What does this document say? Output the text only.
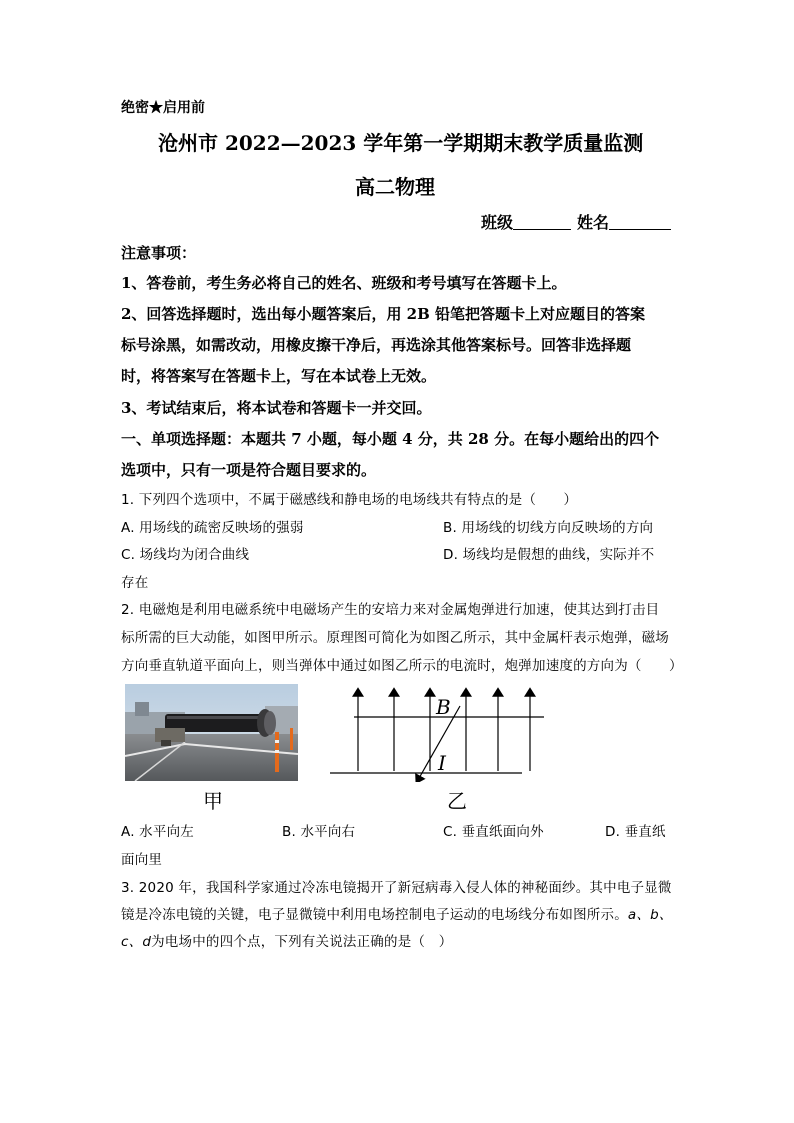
绝密★启用前
沧州市 2022—2023 学年第一学期期末教学质量监测
高二物理
班级	姓名
注意事项：
1、答卷前，考生务必将自己的姓名、班级和考号填写在答题卡上。
2、回答选择题时，选出每小题答案后，用 2B 铅笔把答题卡上对应题目的答案
标号涂黑，如需改动，用橡皮擦干净后，再选涂其他答案标号。回答非选择题
时，将答案写在答题卡上，写在本试卷上无效。
3、考试结束后，将本试卷和答题卡一并交回。
一、单项选择题：本题共 7 小题，每小题 4 分，共 28 分。在每小题给出的四个
选项中，只有一项是符合题目要求的。
1. 下列四个选项中，不属于磁感线和静电场的电场线共有特点的是（　　）
A. 用场线的疏密反映场的强弱	B. 用场线的切线方向反映场的方向
C. 场线均为闭合曲线	D. 场线均是假想的曲线，实际并不
存在
2. 电磁炮是利用电磁系统中电磁场产生的安培力来对金属炮弹进行加速，使其达到打击目
标所需的巨大动能，如图甲所示。原理图可简化为如图乙所示，其中金属杆表示炮弹，磁场
方向垂直轨道平面向上，则当弹体中通过如图乙所示的电流时，炮弹加速度的方向为（　　）
B
I
甲	乙
A. 水平向左	B. 水平向右	C. 垂直纸面向外	D. 垂直纸
面向里
3. 2020 年，我国科学家通过冷冻电镜揭开了新冠病毒入侵人体的神秘面纱。其中电子显微
镜是冷冻电镜的关键，电子显微镜中利用电场控制电子运动的电场线分布如图所示。a、b、
c、d为电场中的四个点，下列有关说法正确的是（　）
